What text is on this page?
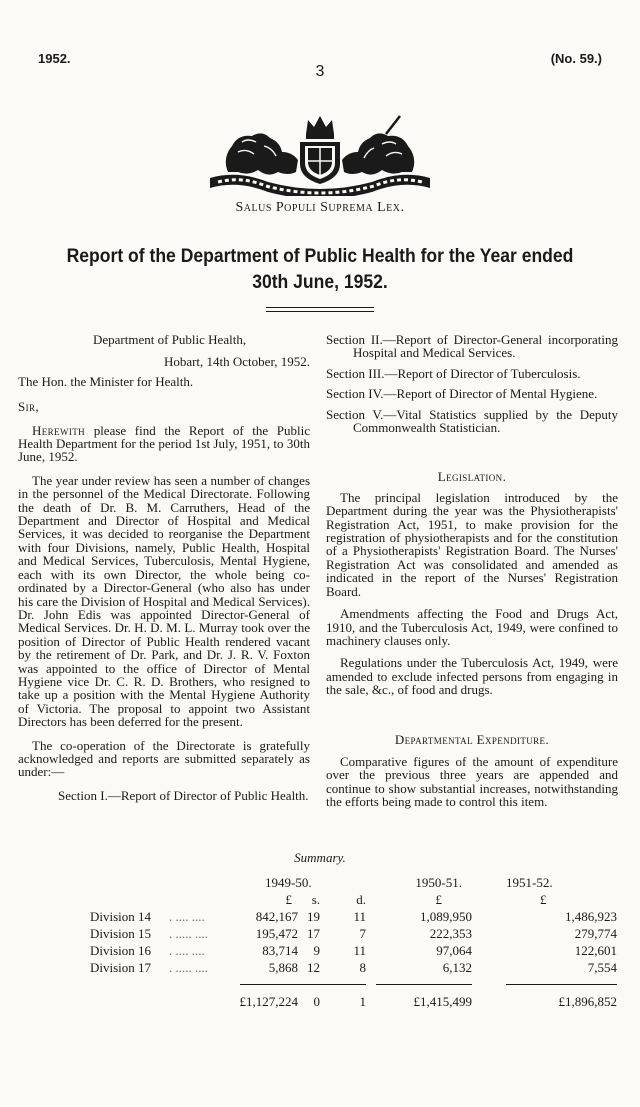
1952.
3
(No. 59.)
Salus Populi Suprema Lex.
Report of the Department of Public Health for the Year ended
30th June, 1952.

Department of Public Health,

Hobart, 14th October, 1952.

The Hon. the Minister for Health.

Sir,

Herewith please find the Report of the Public Health Department for the period 1st July, 1951, to 30th June, 1952.

The year under review has seen a number of changes in the personnel of the Medical Directorate. Following the death of Dr. B. M. Carruthers, Head of the Department and Director of Hospital and Medical Services, it was decided to reorganise the Department with four Divisions, namely, Public Health, Hospital and Medical Services, Tuberculosis, Mental Hygiene, each with its own Director, the whole being co-ordinated by a Director-General (who also has under his care the Division of Hospital and Medical Services). Dr. John Edis was appointed Director-General of Medical Services. Dr. H. D. M. L. Murray took over the position of Director of Public Health rendered vacant by the retirement of Dr. Park, and Dr. J. R. V. Foxton was appointed to the office of Director of Mental Hygiene vice Dr. C. R. D. Brothers, who resigned to take up a position with the Mental Hygiene Authority of Victoria. The proposal to appoint two Assistant Directors has been deferred for the present.

The co-operation of the Directorate is gratefully acknowledged and reports are submitted separately as under:—

Section I.—Report of Director of Public Health.

Section II.—Report of Director-General incorporating Hospital and Medical Services.

Section III.—Report of Director of Tuberculosis.

Section IV.—Report of Director of Mental Hygiene.

Section V.—Vital Statistics supplied by the Deputy Commonwealth Statistician.

Legislation.

The principal legislation introduced by the Department during the year was the Physiotherapists' Registration Act, 1951, to make provision for the registration of physiotherapists and for the constitution of a Physiotherapists' Registration Board. The Nurses' Registration Act was consolidated and amended as indicated in the report of the Nurses' Registration Board.

Amendments affecting the Food and Drugs Act, 1910, and the Tuberculosis Act, 1949, were confined to machinery clauses only.

Regulations under the Tuberculosis Act, 1949, were amended to exclude infected persons from engaging in the sale, &c., of food and drugs.

Departmental Expenditure.

Comparative figures of the amount of expenditure over the previous three years are appended and continue to show substantial increases, notwithstanding the efforts being made to control this item.

Summary.
		1949-50.				1950-51.		1951-52.
		£	s.		d.	£		£
Division 14	. .... ....	842,167	19		11	1,089,950		1,486,923
Division 15	. ..... ....	195,472	17		7	222,353		279,774
Division 16	. .... ....	83,714	9		11	97,064		122,601
Division 17	. ..... ....	5,868	12		8	6,132		7,554

		£1,127,224	0		1	£1,415,499		£1,896,852
